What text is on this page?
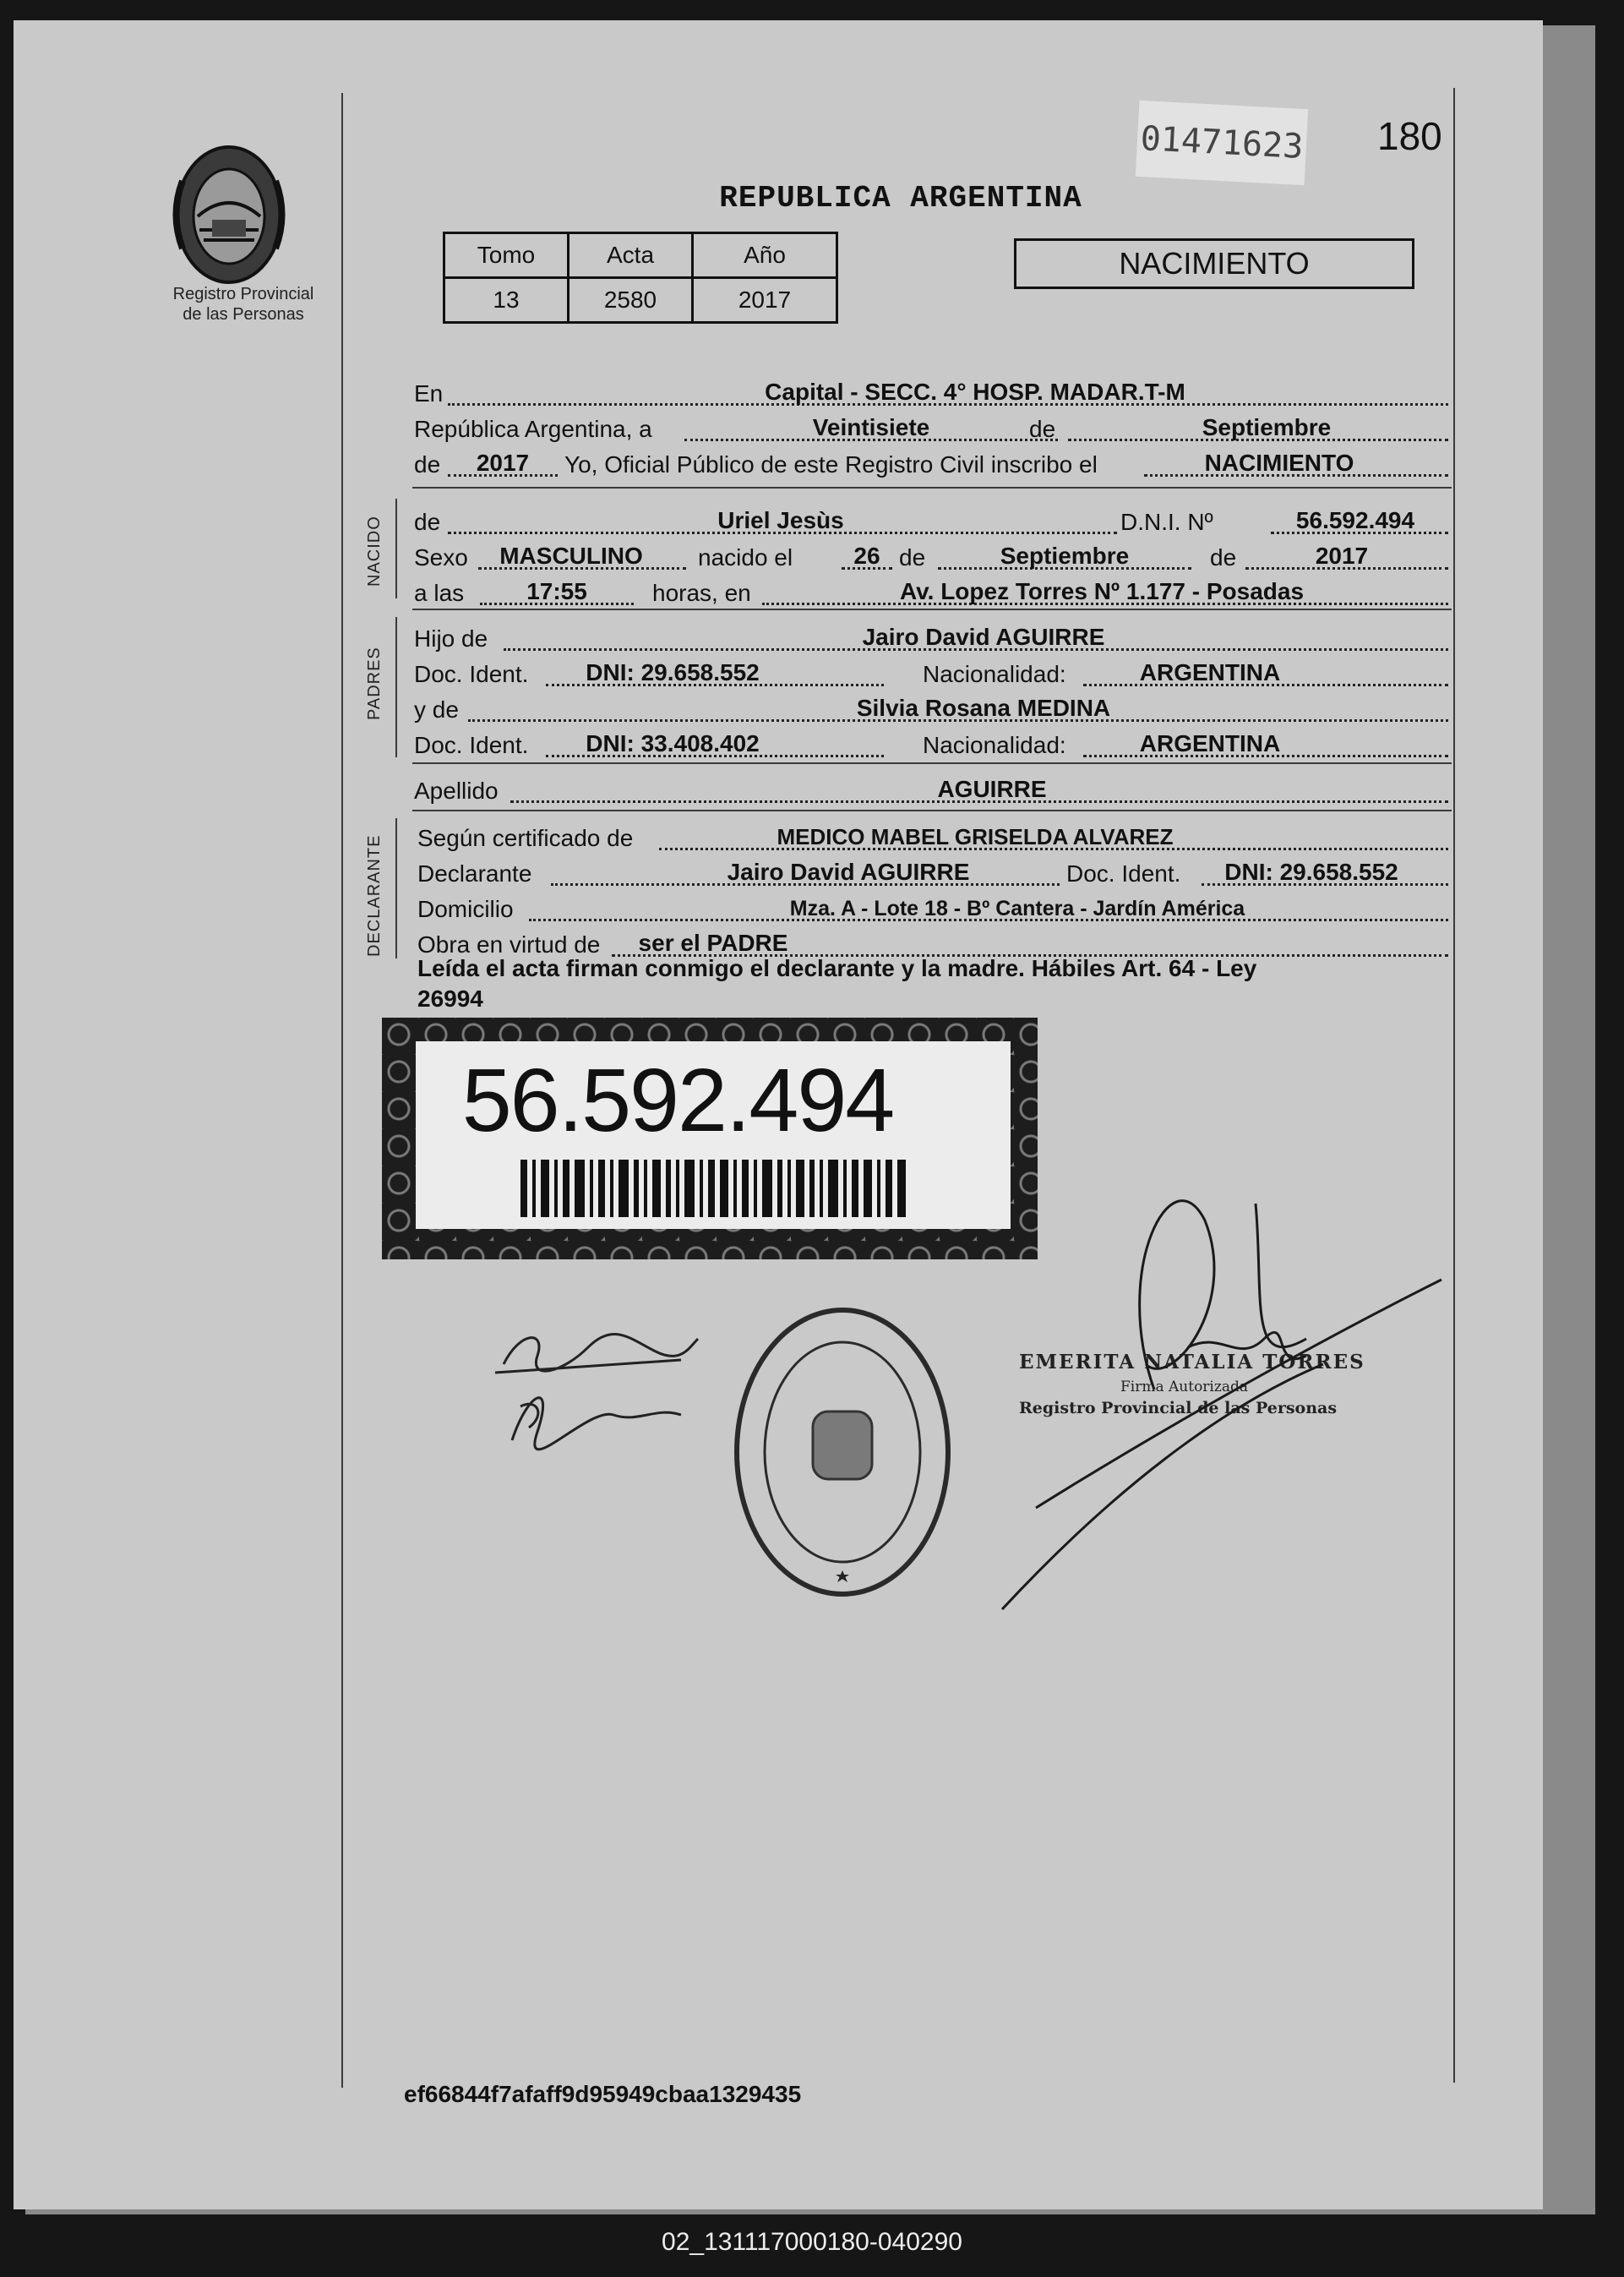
Registro Provincial
de las Personas
01471623 180
REPUBLICA ARGENTINA
Tomo	Acta	Año
13	2580	2017
NACIMIENTO
En	Capital - SECC. 4° HOSP. MADAR.T-M
República Argentina, a	Veintisiete	de	Septiembre
de	2017	Yo, Oficial Público de este Registro Civil inscribo el	NACIMIENTO
NACIDO de	Uriel Jesùs	D.N.I. Nº	56.592.494
Sexo	MASCULINO	nacido el	26 de	Septiembre	de	2017
a las	17:55	horas, en	Av. Lopez Torres Nº 1.177 - Posadas
PADRES
Hijo de	Jairo David AGUIRRE
Doc. Ident.	DNI: 29.658.552	Nacionalidad:	ARGENTINA
y de	Silvia Rosana MEDINA
Doc. Ident.	DNI: 33.408.402	Nacionalidad:	ARGENTINA
Apellido	AGUIRRE
DECLARANTE Según certificado de	MEDICO MABEL GRISELDA ALVAREZ
Declarante	Jairo David AGUIRRE	Doc. Ident.	DNI: 29.658.552
Domicilio	Mza. A - Lote 18 - Bº Cantera - Jardín América
Obra en virtud de	ser el PADRE
Leída el acta firman conmigo el declarante y la madre. Hábiles Art. 64 - Ley
26994
56.592.494
EMERITA NATALIA TORRES
Firma Autorizada
Registro Provincial de las Personas
ef66844f7afaff9d95949cbaa1329435
02_131117000180-040290
